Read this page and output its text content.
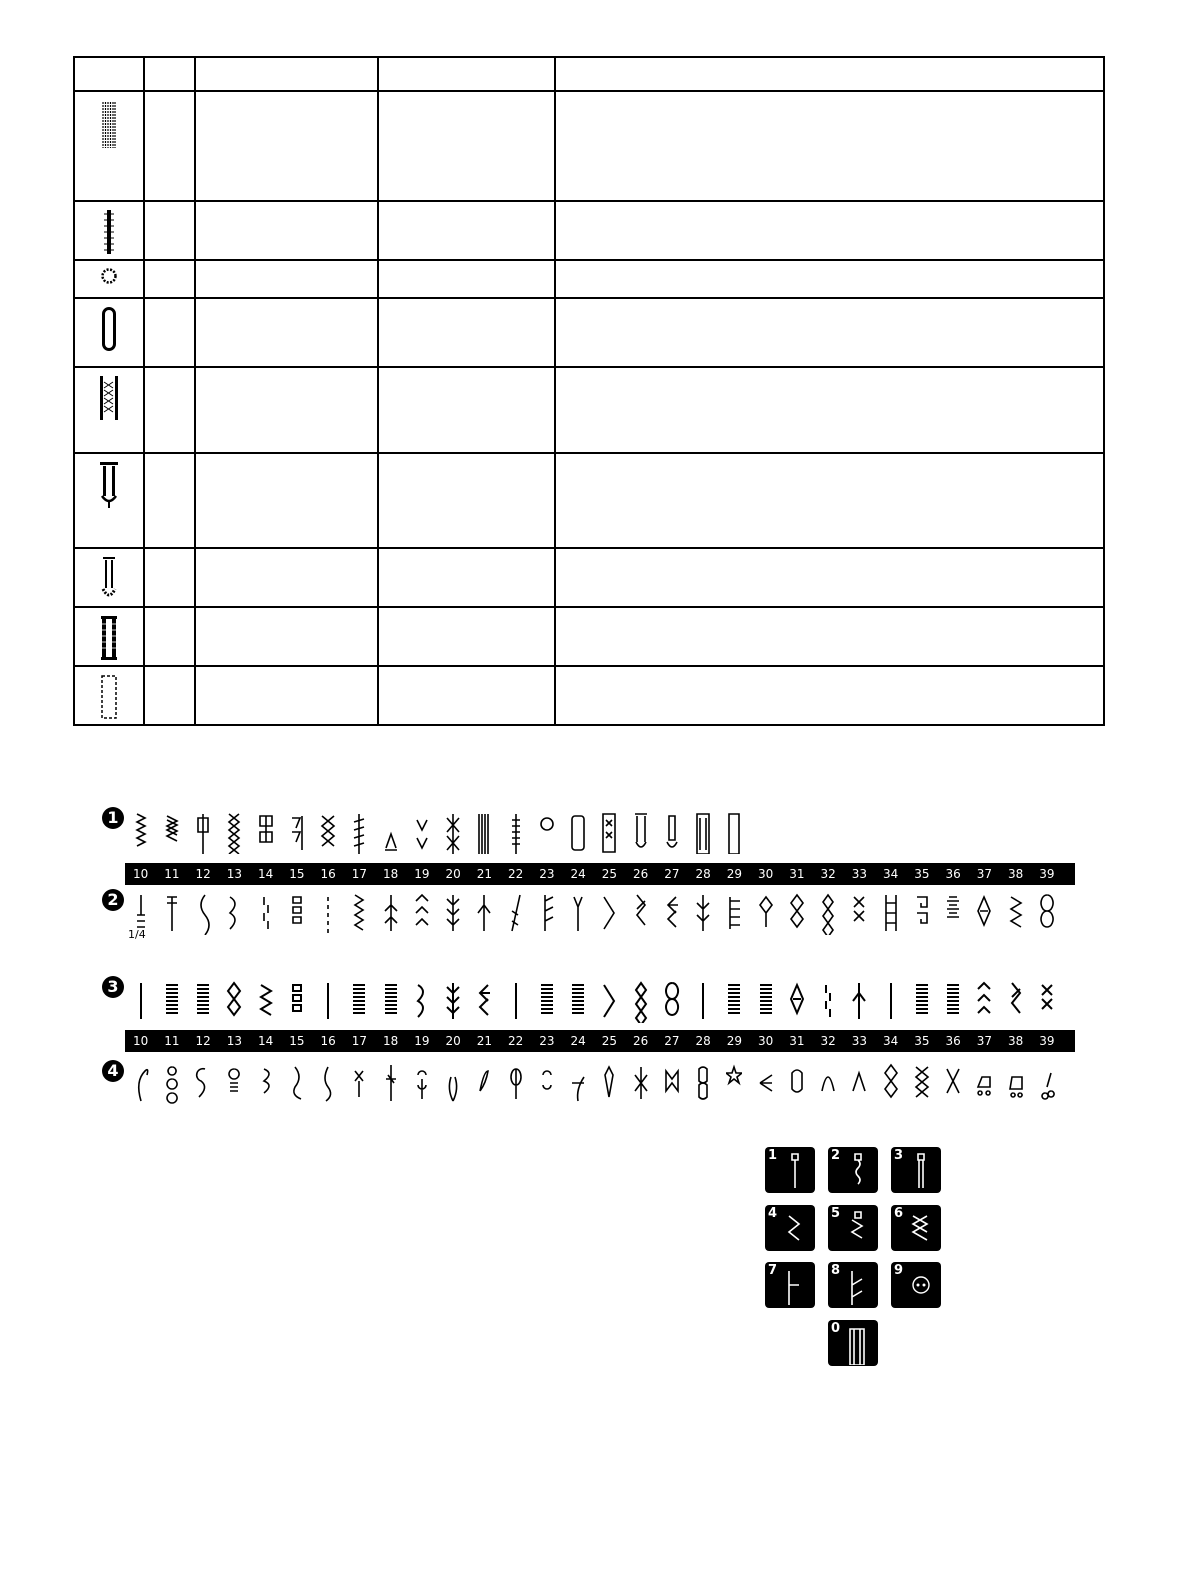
1
2
3
4
10	11	12	13	14	15	16	17	18	19	20	21	22	23	24	25	26	27	28	29	30	31	32	33	34	35	36	37	38	39
1/4
10	11	12	13	14	15	16	17	18	19	20	21	22	23	24	25	26	27	28	29	30	31	32	33	34	35	36	37	38	39
1	2	3
4	5	6
7	8	9
0
